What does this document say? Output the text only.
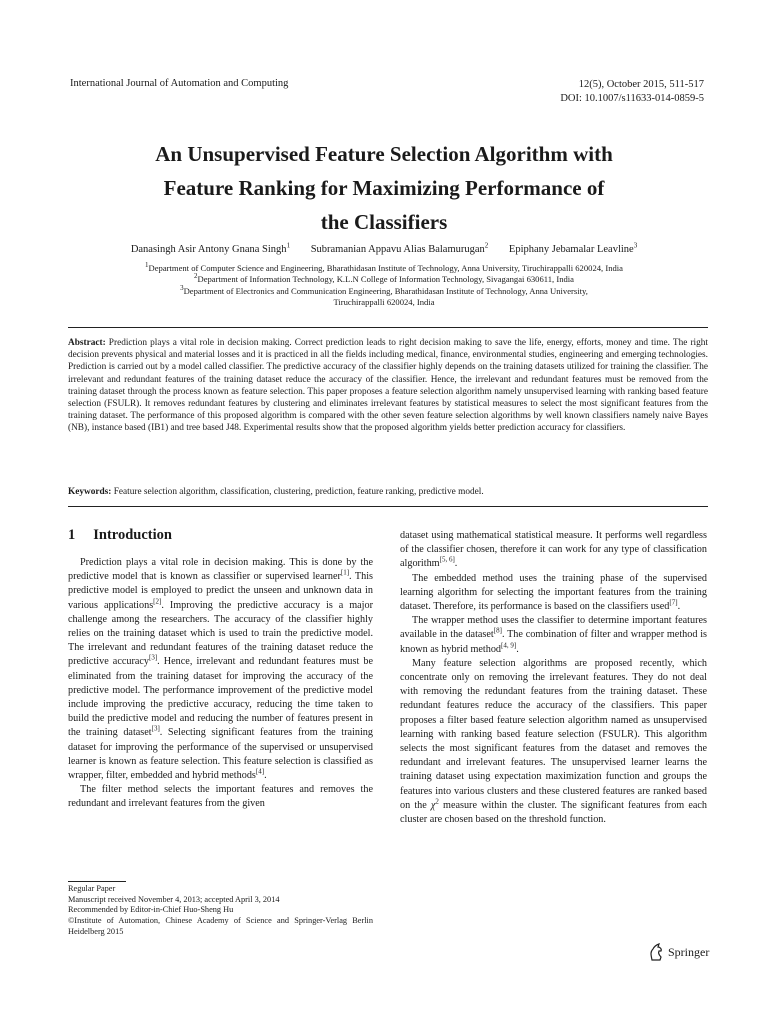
International Journal of Automation and Computing	12(5), October 2015, 511-517
DOI: 10.1007/s11633-014-0859-5
An Unsupervised Feature Selection Algorithm with
Feature Ranking for Maximizing Performance of
the Classifiers
Danasingh Asir Antony Gnana Singh$^1$ Subramanian Appavu Alias Balamurugan$^2$ Epiphany Jebamalar Leavline$^3$
$^1$Department of Computer Science and Engineering, Bharathidasan Institute of Technology, Anna University, Tiruchirappalli 620024, India
$^2$Department of Information Technology, K.L.N College of Information Technology, Sivagangai 630611, India
$^3$Department of Electronics and Communication Engineering, Bharathidasan Institute of Technology, Anna University,
Tiruchirappalli 620024, India
Abstract: Prediction plays a vital role in decision making. Correct prediction leads to right decision making to save the life, energy, efforts, money and time. The right decision prevents physical and material losses and it is practiced in all the fields including medical, finance, environmental studies, engineering and emerging technologies. Prediction is carried out by a model called classifier. The predictive accuracy of the classifier highly depends on the training datasets utilized for training the classifier. The irrelevant and redundant features of the training dataset reduce the accuracy of the classifier. Hence, the irrelevant and redundant features must be removed from the training dataset through the process known as feature selection. This paper proposes a feature selection algorithm namely unsupervised learning with ranking based feature selection (FSULR). It removes redundant features by clustering and eliminates irrelevant features by statistical measures to select the most significant features from the training dataset. The performance of this proposed algorithm is compared with the other seven feature selection algorithms by well known classifiers namely naive Bayes (NB), instance based (IB1) and tree based J48. Experimental results show that the proposed algorithm yields better prediction accuracy for classifiers.
Keywords: Feature selection algorithm, classification, clustering, prediction, feature ranking, predictive model.
1 Introduction

Prediction plays a vital role in decision making. This is done by the predictive model that is known as classifier or supervised learner[1]. This predictive model is employed to predict the unseen and unknown data in various applications[2]. Improving the predictive accuracy is a major challenge among the researchers. The accuracy of the classifier highly relies on the training dataset which is used to train the predictive model. The irrelevant and redundant features of the training dataset reduce the predictive accuracy[3]. Hence, irrelevant and redundant features must be eliminated from the training dataset for improving the accuracy of the predictive model. The performance improvement of the predictive model include improving the predictive accuracy, reducing the time taken to build the predictive model and reducing the number of features present in the training dataset[3]. Selecting significant features from the training dataset for improving the performance of the supervised or unsupervised learner is known as feature selection. This feature selection is classified as wrapper, filter, embedded and hybrid methods[4].

The filter method selects the important features and removes the redundant and irrelevant features from the given

dataset using mathematical statistical measure. It performs well regardless of the classifier chosen, therefore it can work for any type of classification algorithm[5, 6].

The embedded method uses the training phase of the supervised learning algorithm for selecting the important features from the training dataset. Therefore, its performance is based on the classifiers used[7].

The wrapper method uses the classifier to determine important features available in the dataset[8]. The combination of filter and wrapper method is known as hybrid method[4, 9].

Many feature selection algorithms are proposed recently, which concentrate only on removing the irrelevant features. They do not deal with removing the redundant features from the training dataset. These redundant features reduce the accuracy of the classifiers. This paper proposes a filter based feature selection algorithm named as unsupervised learning with ranking based feature selection (FSULR). This algorithm selects the most significant features from the dataset and removes the redundant and irrelevant features. The unsupervised learner learns the training dataset using expectation maximization function and groups the features into various clusters and these clustered features are ranked based on the $\chi^2$ measure within the cluster. The significant features from each cluster are chosen based on the threshold function.

Regular Paper
Manuscript received November 4, 2013; accepted April 3, 2014
Recommended by Editor-in-Chief Huo-Sheng Hu
©Institute of Automation, Chinese Academy of Science and Springer-Verlag Berlin Heidelberg 2015
Springer
